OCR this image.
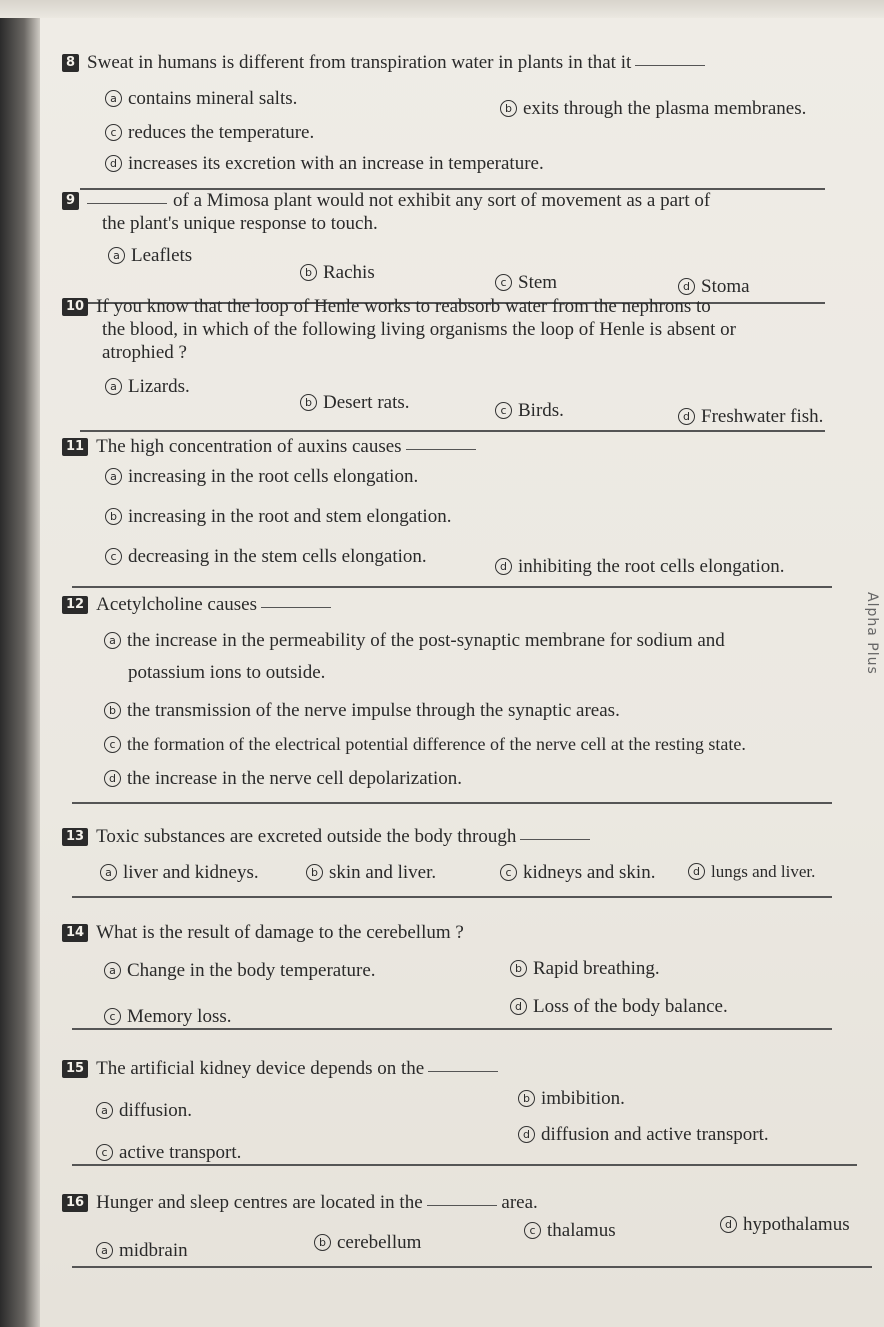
8 Sweat in humans is different from transpiration water in plants in that it
a contains mineral salts.	b exits through the plasma membranes.
c reduces the temperature.
d increases its excretion with an increase in temperature.
9	of a Mimosa plant would not exhibit any sort of movement as a part of
the plant's unique response to touch.
a Leaflets
b Rachis	c Stem	d Stoma
10 If you know that the loop of Henle works to reabsorb water from the nephrons to
the blood, in which of the following living organisms the loop of Henle is absent or
atrophied ?
a Lizards.
b Desert rats.	c Birds.	d Freshwater fish.
11 The high concentration of auxins causes
a increasing in the root cells elongation.
b increasing in the root and stem elongation.
c decreasing in the stem cells elongation.	d inhibiting the root cells elongation.
12 Acetylcholine causes
a the increase in the permeability of the post-synaptic membrane for sodium and
potassium ions to outside.
b the transmission of the nerve impulse through the synaptic areas.
c the formation of the electrical potential difference of the nerve cell at the resting state.
d the increase in the nerve cell depolarization.
Alpha Plus
13 Toxic substances are excreted outside the body through
a liver and kidneys.	b skin and liver.	c kidneys and skin.	d lungs and liver.
14 What is the result of damage to the cerebellum ?
a Change in the body temperature.	b Rapid breathing.
c Memory loss.	d Loss of the body balance.
15 The artificial kidney device depends on the
a diffusion.
b imbibition.
c active transport.
d diffusion and active transport.
16 Hunger and sleep centres are located in the	area.
a midbrain	b cerebellum
c thalamus	d hypothalamus
